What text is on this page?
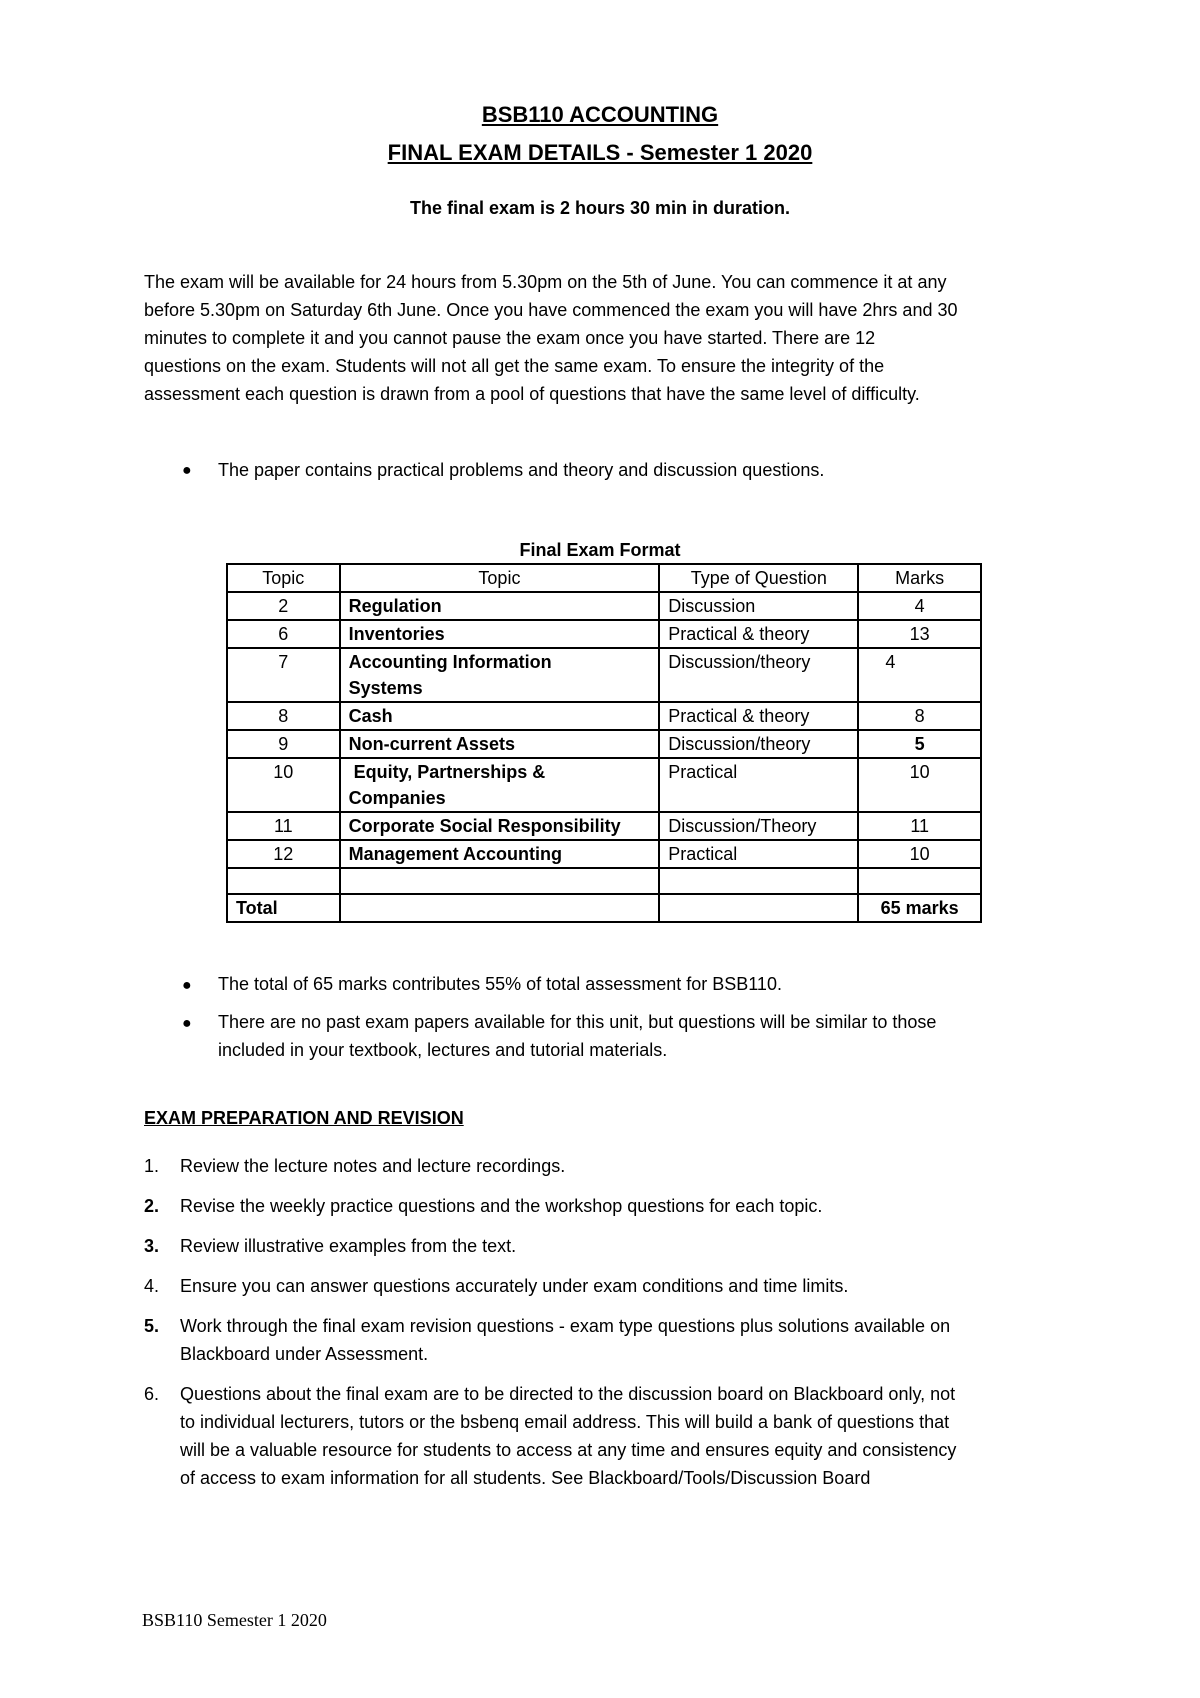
BSB110 ACCOUNTING
FINAL EXAM DETAILS - Semester 1 2020
The final exam is 2 hours 30 min in duration.
The exam will be available for 24 hours from 5.30pm on the 5th of June. You can commence it at any
before 5.30pm on Saturday 6th June. Once you have commenced the exam you will have 2hrs and 30
minutes to complete it and you cannot pause the exam once you have started. There are 12
questions on the exam. Students will not all get the same exam. To ensure the integrity of the
assessment each question is drawn from a pool of questions that have the same level of difficulty.
● The paper contains practical problems and theory and discussion questions.
Final Exam Format
Topic	Topic	Type of Question	Marks
2	Regulation	Discussion	4
6	Inventories	Practical & theory	13
7	Accounting Information
Systems	Discussion/theory	4
8	Cash	Practical & theory	8
9	Non-current Assets	Discussion/theory	5
10	Equity, Partnerships &
Companies	Practical	10
11	Corporate Social Responsibility	Discussion/Theory	11
12	Management Accounting	Practical	10

Total			65 marks
● The total of 65 marks contributes 55% of total assessment for BSB110.
● There are no past exam papers available for this unit, but questions will be similar to those
included in your textbook, lectures and tutorial materials.
EXAM PREPARATION AND REVISION
1. Review the lecture notes and lecture recordings.
2. Revise the weekly practice questions and the workshop questions for each topic.
3. Review illustrative examples from the text.
4. Ensure you can answer questions accurately under exam conditions and time limits.
5. Work through the final exam revision questions - exam type questions plus solutions available on
Blackboard under Assessment.
6. Questions about the final exam are to be directed to the discussion board on Blackboard only, not
to individual lecturers, tutors or the bsbenq email address. This will build a bank of questions that
will be a valuable resource for students to access at any time and ensures equity and consistency
of access to exam information for all students. See Blackboard/Tools/Discussion Board
BSB110 Semester 1 2020
